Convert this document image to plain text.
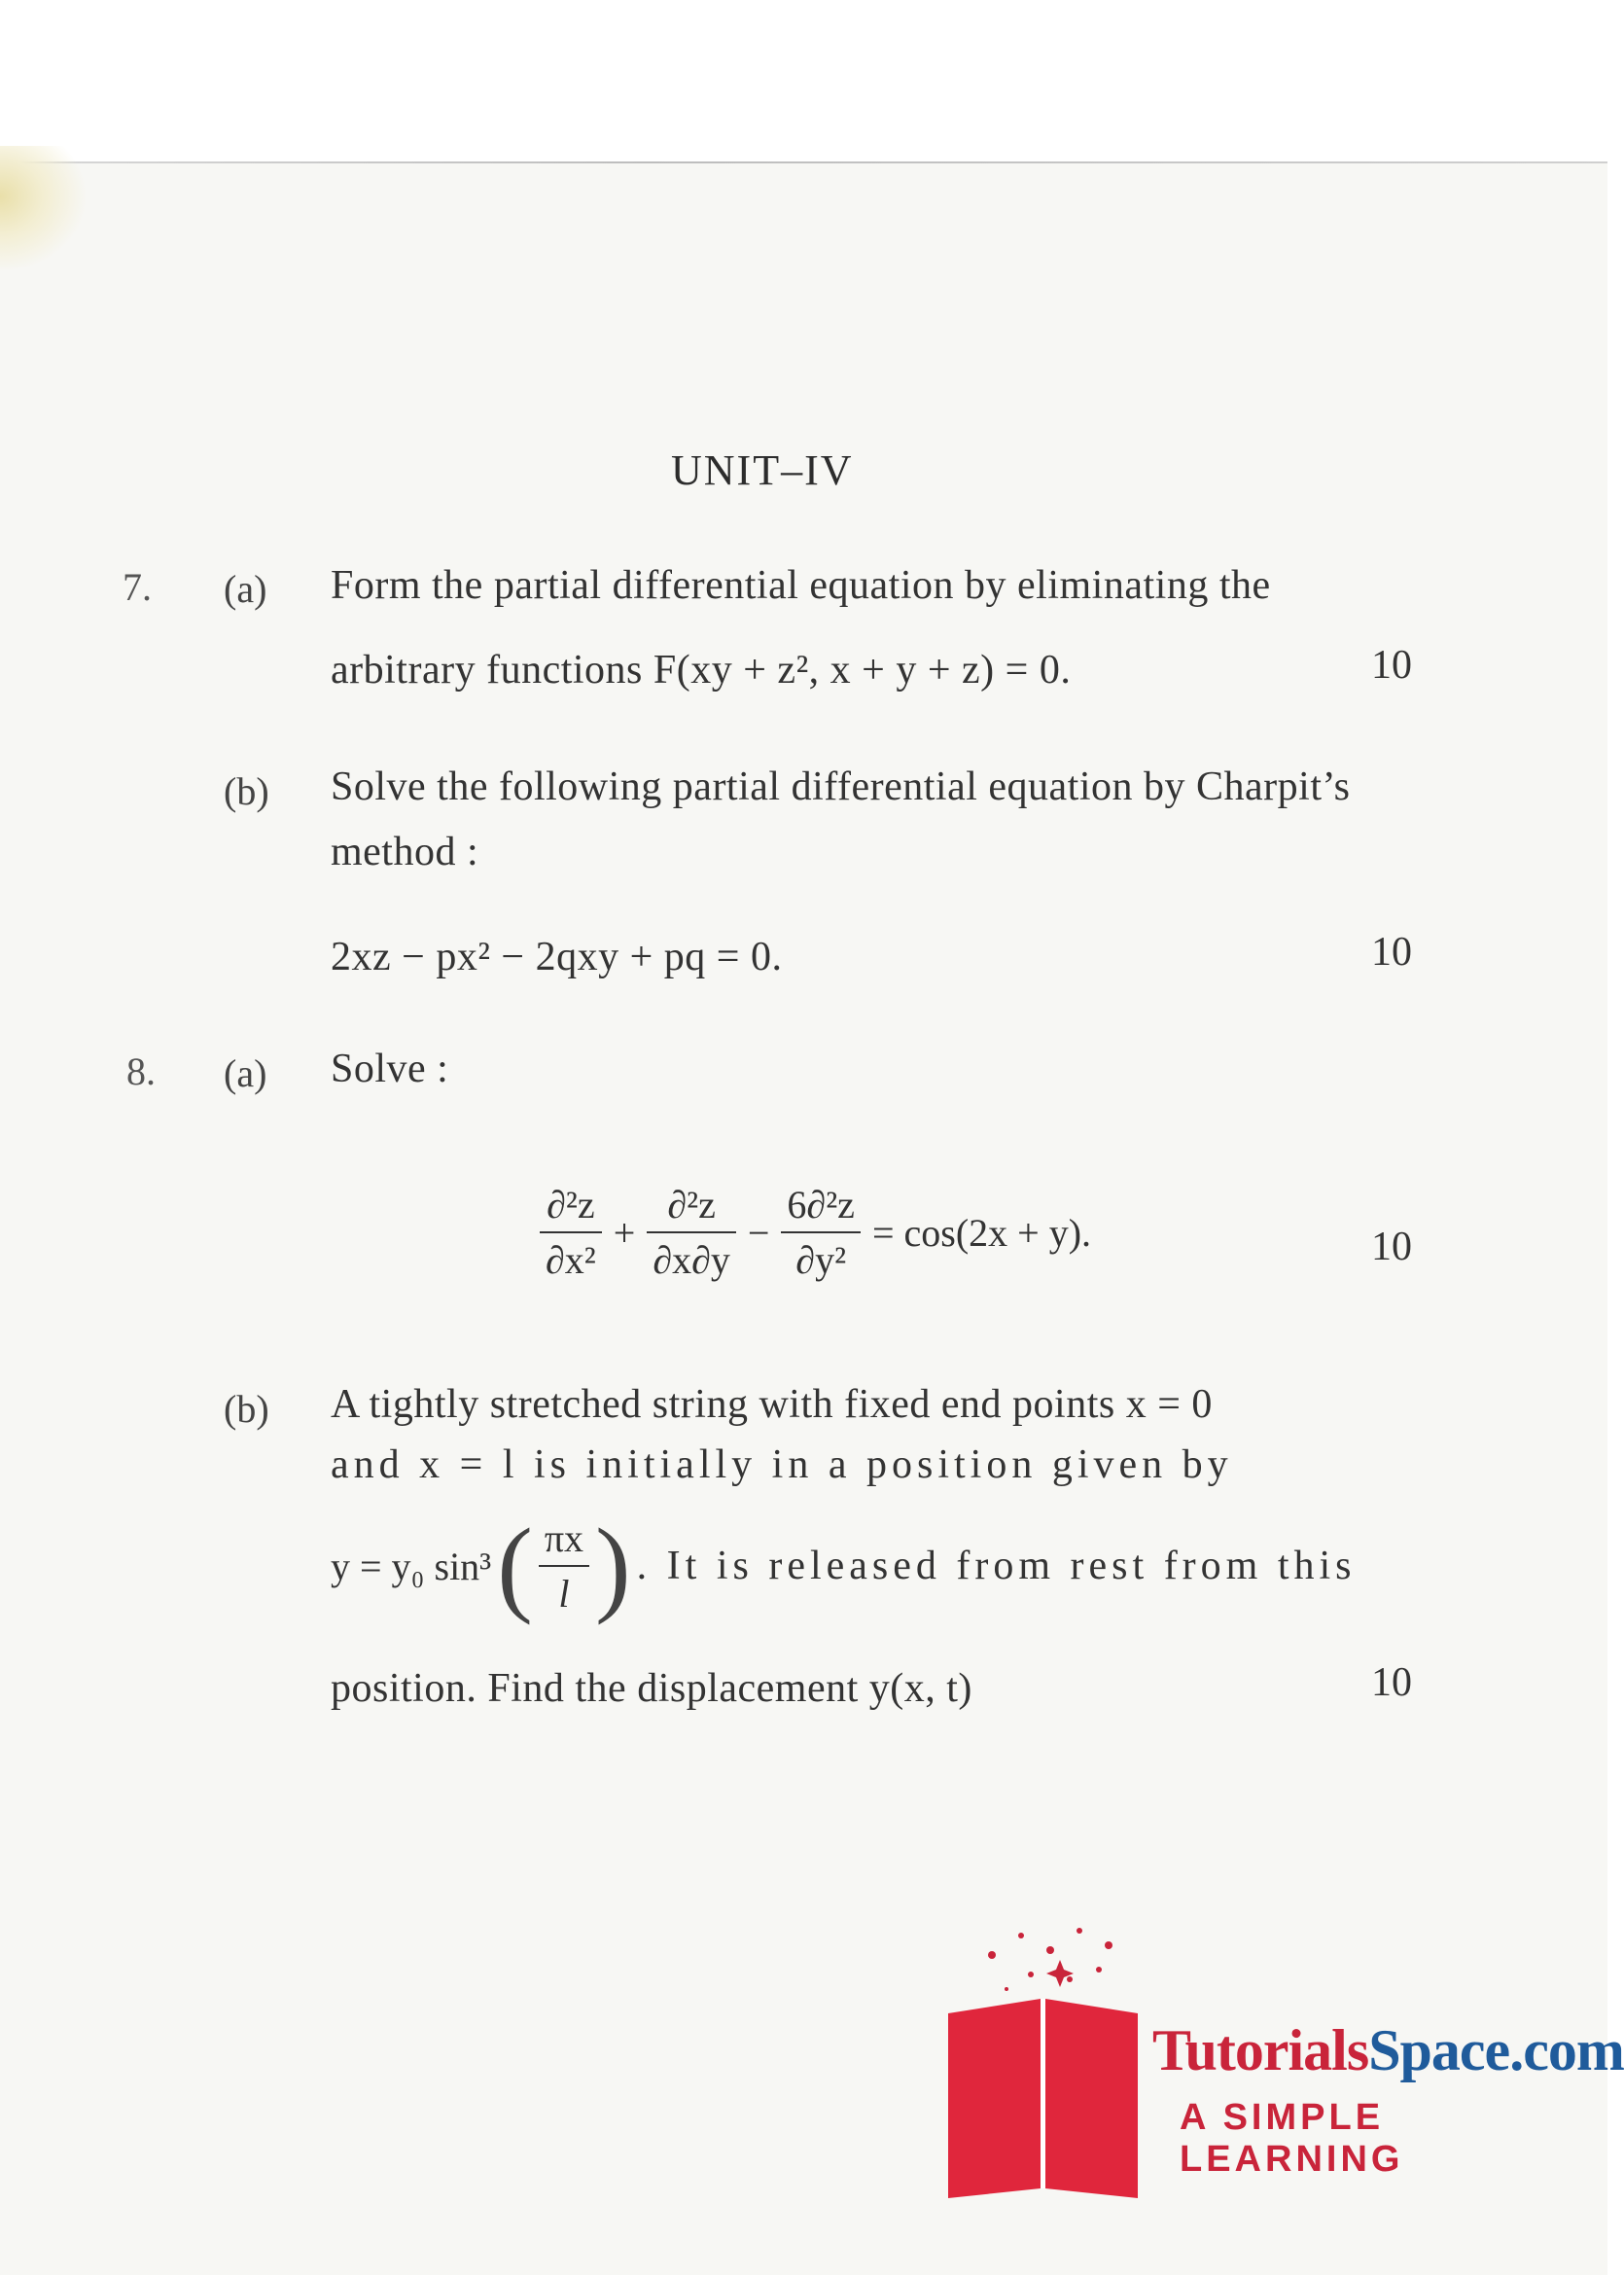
UNIT–IV
7. (a) Form the partial differential equation by eliminating the
arbitrary functions F(xy + z², x + y + z) = 0.	10
(b) Solve the following partial differential equation by Charpit’s
method :
2xz − px² − 2qxy + pq = 0.	10
8. (a) Solve :
$\frac{\text{∂²z}}{\text{∂x²}} + \frac{\text{∂²z}}{\partial x\partial y} - \frac{\text{6∂²z}}{\text{∂y²}} = \cos(2x + y)$.	10
(b) A tightly stretched string with fixed end points x = 0
and x = l is initially in a position given by
y = y₀ sin³ ( $\frac{\pi x}{l}$ ) . It is released from rest from this
position. Find the displacement y(x, t)	10
TutorialsSpace.com
A SIMPLE LEARNING
